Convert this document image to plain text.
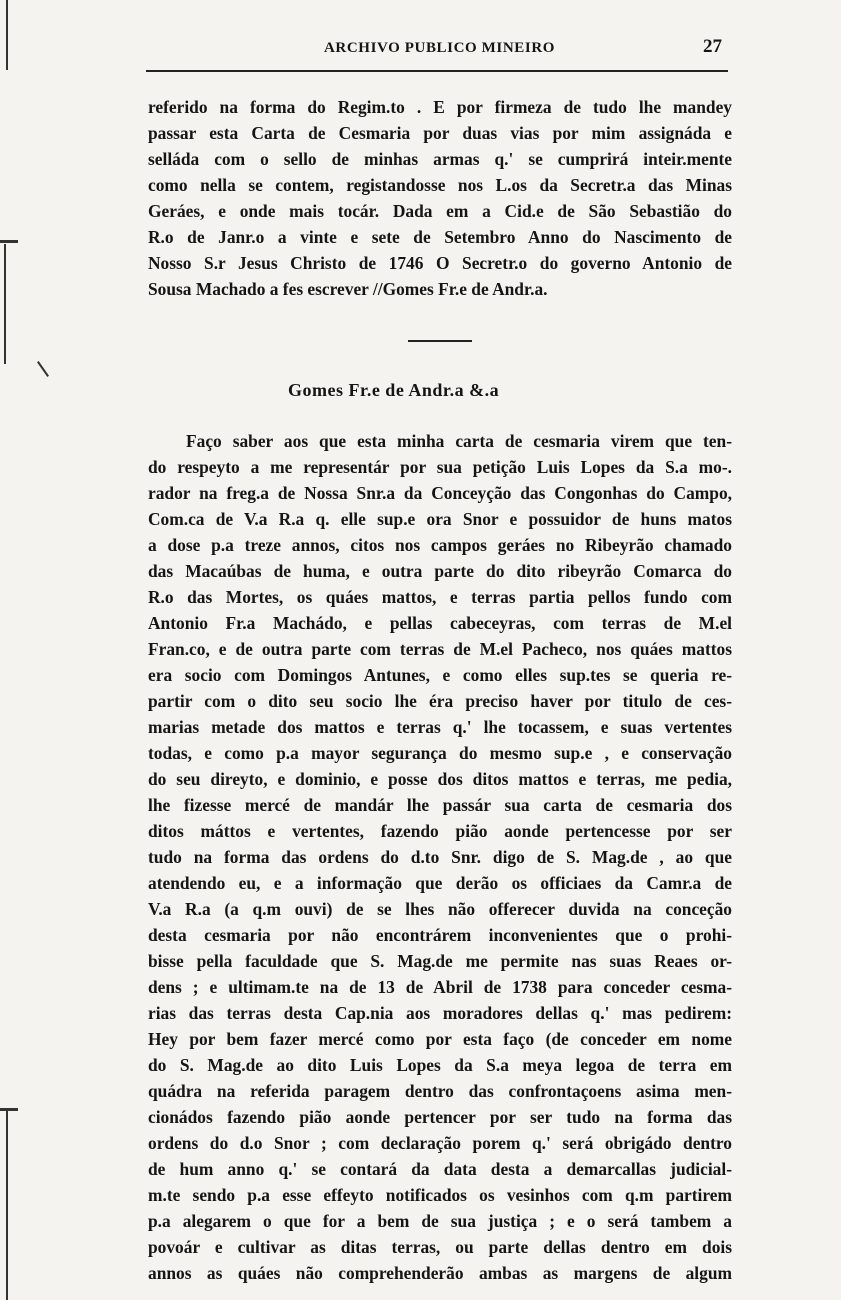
ARCHIVO PUBLICO MINEIRO	27
referido na forma do Regim.to . E por firmeza de tudo lhe mandey
passar esta Carta de Cesmaria por duas vias por mim assignáda e
selláda com o sello de minhas armas q.' se cumprirá inteir.mente
como nella se contem, registandosse nos L.os da Secretr.a das Minas
Geráes, e onde mais tocár. Dada em a Cid.e de São Sebastião do
R.o de Janr.o a vinte e sete de Setembro Anno do Nascimento de
Nosso S.r Jesus Christo de 1746 O Secretr.o do governo Antonio de
Sousa Machado a fes escrever //Gomes Fr.e de Andr.a.
Gomes Fr.e de Andr.a &.a
Faço saber aos que esta minha carta de cesmaria virem que ten-
do respeyto a me representár por sua petição Luis Lopes da S.a mo-.
rador na freg.a de Nossa Snr.a da Conceyção das Congonhas do Campo,
Com.ca de V.a R.a q. elle sup.e ora Snor e possuidor de huns matos
a dose p.a treze annos, citos nos campos geráes no Ribeyrão chamado
das Macaúbas de huma, e outra parte do dito ribeyrão Comarca do
R.o das Mortes, os quáes mattos, e terras partia pellos fundo com
Antonio Fr.a Machádo, e pellas cabeceyras, com terras de M.el
Fran.co, e de outra parte com terras de M.el Pacheco, nos quáes mattos
era socio com Domingos Antunes, e como elles sup.tes se queria re-
partir com o dito seu socio lhe éra preciso haver por titulo de ces-
marias metade dos mattos e terras q.' lhe tocassem, e suas vertentes
todas, e como p.a mayor segurança do mesmo sup.e , e conservação
do seu direyto, e dominio, e posse dos ditos mattos e terras, me pedia,
lhe fizesse mercé de mandár lhe passár sua carta de cesmaria dos
ditos máttos e vertentes, fazendo pião aonde pertencesse por ser
tudo na forma das ordens do d.to Snr. digo de S. Mag.de , ao que
atendendo eu, e a informação que derão os officiaes da Camr.a de
V.a R.a (a q.m ouvi) de se lhes não offerecer duvida na conceção
desta cesmaria por não encontrárem inconvenientes que o prohi-
bisse pella faculdade que S. Mag.de me permite nas suas Reaes or-
dens ; e ultimam.te na de 13 de Abril de 1738 para conceder cesma-
rias das terras desta Cap.nia aos moradores dellas q.' mas pedirem:
Hey por bem fazer mercé como por esta faço (de conceder em nome
do S. Mag.de ao dito Luis Lopes da S.a meya legoa de terra em
quádra na referida paragem dentro das confrontaçoens asima men-
cionádos fazendo pião aonde pertencer por ser tudo na forma das
ordens do d.o Snor ; com declaração porem q.' será obrigádo dentro
de hum anno q.' se contará da data desta a demarcallas judicial-
m.te sendo p.a esse effeyto notificados os vesinhos com q.m partirem
p.a alegarem o que for a bem de sua justiça ; e o será tambem a
povoár e cultivar as ditas terras, ou parte dellas dentro em dois
annos as quáes não comprehenderão ambas as margens de algum
